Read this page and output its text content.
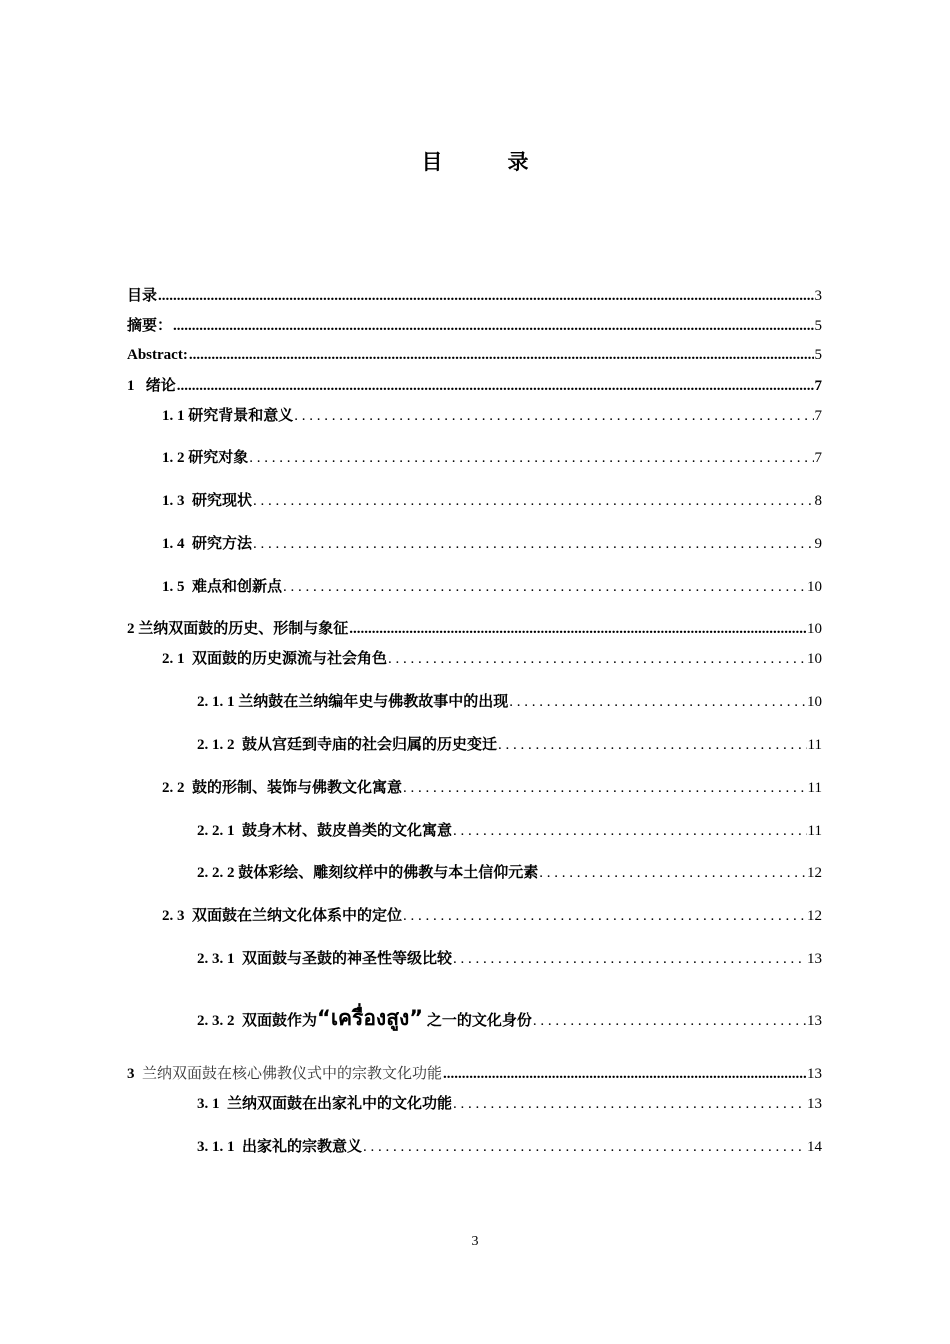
目　录
目录 .....	3
摘要： .....	5
Abstract: .....	5
1 绪论 .....	7
1. 1 研究背景和意义 . . .	7
1. 2 研究对象 . . .	7
1. 3 研究现状 . . .	8
1. 4 研究方法 . . .	9
1. 5 难点和创新点 . . .	10
2 兰纳双面鼓的历史、形制与象征 .....	10
2. 1 双面鼓的历史源流与社会角色 . . .	10
2. 1. 1 兰纳鼓在兰纳编年史与佛教故事中的出现 . . .	10
2. 1. 2 鼓从宫廷到寺庙的社会归属的历史变迁 . . .	11
2. 2 鼓的形制、装饰与佛教文化寓意 . . .	11
2. 2. 1 鼓身木材、鼓皮兽类的文化寓意 . . .	11
2. 2. 2 鼓体彩绘、雕刻纹样中的佛教与本土信仰元素 . . .	12
2. 3 双面鼓在兰纳文化体系中的定位 . . .	12
2. 3. 1 双面鼓与圣鼓的神圣性等级比较 . . .	13
2. 3. 2 双面鼓作为“เครื่องสูง” 之一的文化身份 . . .	13
3 兰纳双面鼓在核心佛教仪式中的宗教文化功能 .....	13
3. 1 兰纳双面鼓在出家礼中的文化功能 . . .	13
3. 1. 1 出家礼的宗教意义 . . .	14
3
